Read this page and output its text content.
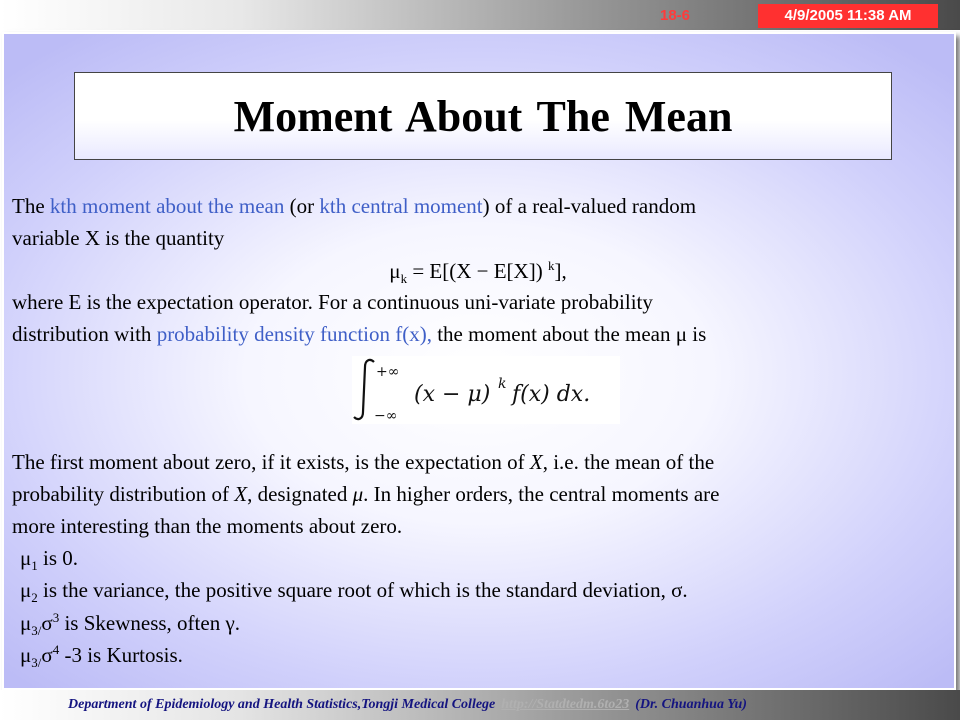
18-6	4/9/2005 11:38 AM
Moment About The Mean
The kth moment about the mean (or kth central moment) of a real-valued random
variable X is the quantity
$\mu_k = E[(X - E[X])$ $^k$],
where E is the expectation operator. For a continuous uni-variate probability
distribution with probability density function f(x), the moment about the mean μ is
+∞
−∞
(x − μ) k f(x) dx.
The first moment about zero, if it exists, is the expectation of X, i.e. the mean of the
probability distribution of X, designated μ. In higher orders, the central moments are
more interesting than the moments about zero.
$\mu_1$ is 0.
$\mu_2$ is the variance, the positive square root of which is the standard deviation, σ.
$\mu_{3/}\sigma^3$ is Skewness, often γ.
$\mu_{3/}\sigma^4$ -3 is Kurtosis.
Department of Epidemiology and Health Statistics,Tongji Medical College http://Statdtedm.6to23 (Dr. Chuanhua Yu)
